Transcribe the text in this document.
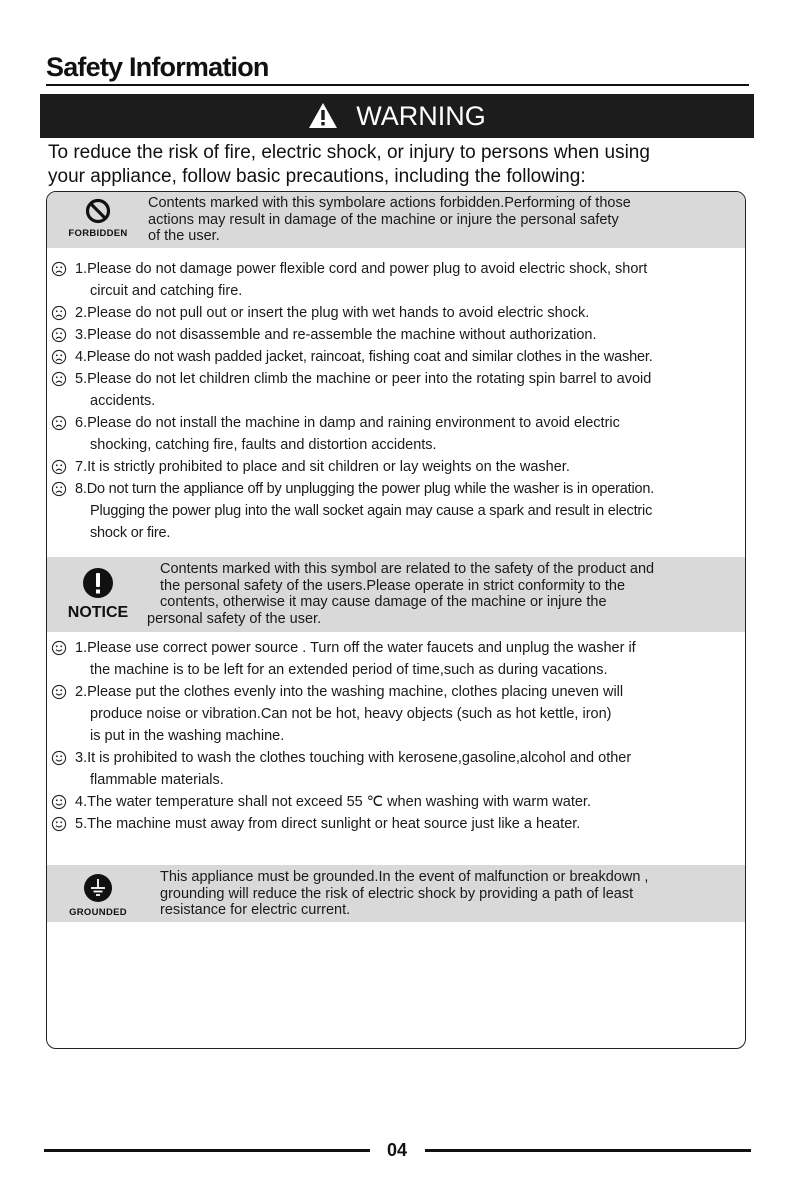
Safety Information
WARNING
To reduce the risk of fire, electric shock, or injury to persons when using
your appliance, follow basic precautions, including the following:
FORBIDDEN
Contents marked with this symbolare actions forbidden.Performing of those
actions may result in damage of the machine or injure the personal safety
of the user.
1.Please do not damage power flexible cord and power plug to avoid electric shock, short
circuit and catching fire.
2.Please do not pull out or insert the plug with wet hands to avoid electric shock.
3.Please do not disassemble and re-assemble the machine without authorization.
4.Please do not wash padded jacket, raincoat, fishing coat and similar clothes in the washer.
5.Please do not let children climb the machine or peer into the rotating spin barrel to avoid
accidents.
6.Please do not install the machine in damp and raining environment to avoid electric
shocking, catching fire, faults and distortion accidents.
7.It is strictly prohibited to place and sit children or lay weights on the washer.
8.Do not turn the appliance off by unplugging the power plug while the washer is in operation.
Plugging the power plug into the wall socket again may cause a spark and result in electric
shock or fire.
NOTICE
Contents marked with this symbol are related to the safety of the product and
the personal safety of the users.Please operate in strict conformity to the
contents, otherwise it may cause damage of the machine or injure the
personal safety of the user.
1.Please use correct power source . Turn off the water faucets and unplug the washer if
the machine is to be left for an extended period of time,such as during vacations.
2.Please put the clothes evenly into the washing machine, clothes placing uneven will
produce noise or vibration.Can not be hot, heavy objects (such as hot kettle, iron)
is put in the washing machine.
3.It is prohibited to wash the clothes touching with kerosene,gasoline,alcohol and other
flammable materials.
4.The water temperature shall not exceed 55 ℃ when washing with warm water.
5.The machine must away from direct sunlight or heat source just like a heater.
GROUNDED
This appliance must be grounded.In the event of malfunction or breakdown ,
grounding will reduce the risk of electric shock by providing a path of least
resistance for electric current.
04
